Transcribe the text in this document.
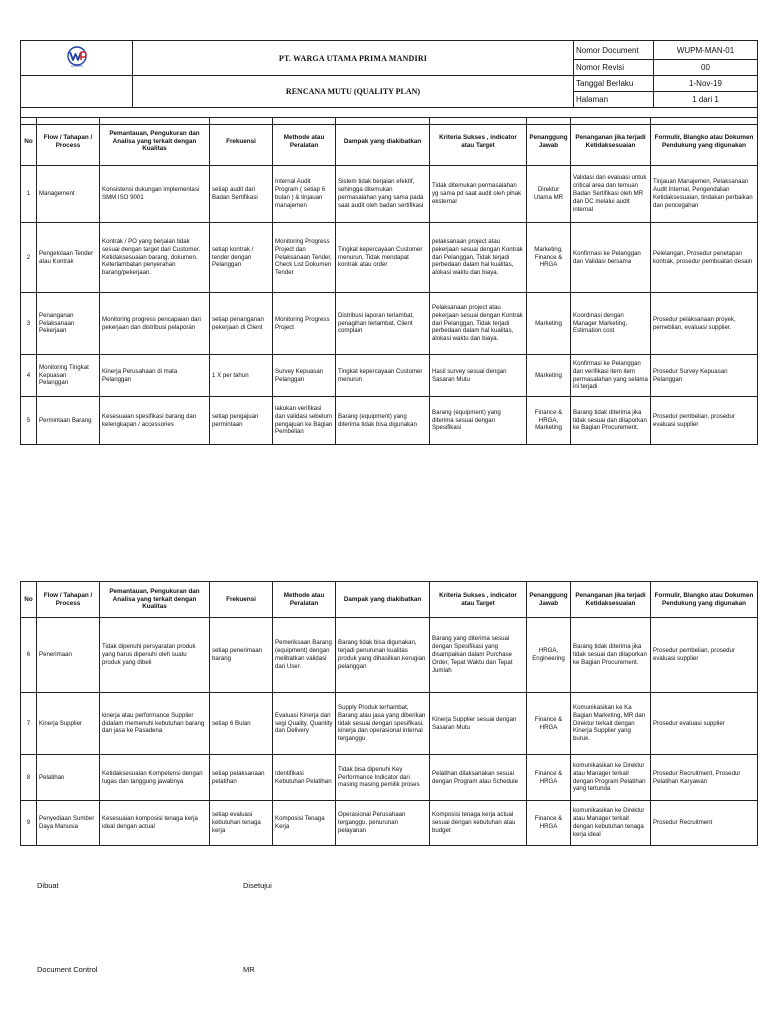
	PT. WARGA UTAMA PRIMA MANDIRI	Nomor Document	WUPM-MAN-01
		Nomor Revisi	00
	RENCANA MUTU (QUALITY PLAN)	Tanggal Berlaku	1-Nov-19
		Halaman	1 dari 1

No	Flow / Tahapan / Process	Pemantauan, Pengukuran dan Analisa yang terkait dengan Kualitas	Frekuensi	Methode atau Peralatan	Dampak yang diakibatkan	Kriteria Sukses , indicator atau Target	Penanggung Jawab	Penanganan jika terjadi Ketidaksesuaian	Formulir, Blangko atau Dokumen Pendukung yang digunakan
1	Management	Konsistensi dukungan implementasi SMM ISO 9001	setiap audit dari Badan Sertifikasi	Internal Audit Program ( setiap 6 bulan ) & tinjauan manajemen	Sistem tidak berjalan efektif, sehingga ditemukan permasalahan yang sama pada saat audit oleh badan sertifikasi	Tidak ditemukan permasalahan yg sama pd saat audit oleh pihak eksternal	Direktur Utama MR	Validasi dan evaluasi untuk critical area dan temuan Badan Sertifikasi oleh MR dan DC melalui audit internal	Tinjauan Manajemen, Pelaksanaan Audit Internal, Pengendalian Ketidaksesuaian, tindakan perbaikan dan pencegahan
2	Pengelolaan Tender atau Kontrak	Kontrak / PO yang berjalan tidak sesuai dengan target dari Customer. Ketidaksesuaian barang, dokumen. Keterlambatan penyerahan barang/pekerjaan.	setiap kontrak / tender dengan Pelanggan	Monitoring Progress Project dan Pelaksanaan Tender, Check List Dokumen Tender	Tingkat kepercayaan Customer menurun, Tidak mendapat kontrak atau order	pelaksanaan project atau pekerjaan sesuai dengan Kontrak dari Pelanggan, Tidak terjadi perbedaan dalam hal kualitas, alokasi waktu dan biaya.	Marketing, Finance & HRGA	Konfirmasi ke Pelanggan dan Validasi bersama	Pelelangan, Prosedur penetapan kontrak, prosedur pembuatan desain
3	Penanganan Pelaksanaan Pekerjaan	Monitoring progress pencapaian dari pekerjaan dan distribusi pelaporan	setiap penanganan pekerjaan di Client	Monitoring Progress Project	Distribusi laporan terlambat, penagihan terlambat, Client complain	Pelaksanaan project atau pekerjaan sesuai dengan Kontrak dari Pelanggan, Tidak terjadi perbedaan dalam hal kualitas, alokasi waktu dan biaya.	Marketing	Koordinasi dengan Manager Marketing, Estimation cost	Prosedur pelaksanaan proyek, pemeblian, evaluasi supplier.
4	Monitoring Tingkat Kepuasan Pelanggan	Kinerja Perusahaan di mata Pelanggan	1 X per tahun	Survey Kepuasan Pelanggan	Tingkat kepercayaan Customer menurun	Hasil survey sesuai dengan Sasaran Mutu	Marketing	Konfirmasi ke Pelanggan dan verifikasi item item permasalahan yang selama ini terjadi	Prosedur Survey Kepuasan Pelanggan
5	Permintaan Barang	Kesesuaian spesifikasi barang dan kelengkapan / accessories	setiap pengajuan permintaan	lakukan verifikasi dan validasi sebelum pengajuan ke Bagian Pembelian	Barang (equipment) yang diterima tidak bisa digunakan	Barang (equipment) yang diterima sesuai dengan Spesifikasi	Finance & HRGA, Marketing	Barang tidak diterima jika tidak sesuai dan dilaporkan ke Bagian Procurement.	Prosedur pembelian, prosedur evaluasi supplier
No	Flow / Tahapan / Process	Pemantauan, Pengukuran dan Analisa yang terkait dengan Kualitas	Frekuensi	Methode atau Peralatan	Dampak yang diakibatkan	Kriteria Sukses , indicator atau Target	Penanggung Jawab	Penanganan jika terjadi Ketidaksesuaian	Formulir, Blangko atau Dokumen Pendukung yang digunakan
6	Penerimaan	Tidak dipenuhi persyaratan produk yang harus dipenuhi oleh suatu produk yang dibeli	setiap penerimaan barang	Pemeriksaan Barang (equipment) dengan melibatkan validasi dari User.	Barang tidak bisa digunakan, terjadi penurunan kualitas produk yang dihasilkan,kerugian pelanggan	Barang yang diterima sesuai dengan Spesifikasi yang disampaikan dalam Purchase Order, Tepat Waktu dan Tepat Jumlah	HRGA, Engineering	Barang tidak diterima jika tidak sesuai dan dilaporkan ke Bagian Procurement.	Prosedur pembelian, prosedur evaluasi supplier
7	Kinerja Supplier	kinerja atau performance Supplier didalam memenuhi kebutuhan barang dan jasa ke Pasadena	setiap 6 Bulan	Evaluasi Kinerja dari segi Quality, Quantity dan Delivery	Supply Produk terhambat, Barang atau jasa yang diberikan tidak sesuai dengan spesifikasi, kinerja dan operasional internal terganggu	Kinerja Supplier sesuai dengan Sasaran Mutu	Finance & HRGA	Komunikasikan ke Ka Bagian Marketing, MR dan Direktur terkait dengan Kinerja Supplier yang buruk.	Prosedur evaluasi supplier
8	Pelatihan	Ketidaksesuaian Kompetensi dengan tugas dan tanggung jawabnya	setiap pelaksanaan pelatihan	Identifikasi Kebutuhan Pelatihan	Tidak bisa dipenuhi Key Performance Indicator dari masing masing pemilik proses	Pelatihan dilaksanakan sesuai dengan Program atau Schedule	Finance & HRGA	komunikasikan ke Direktur atau Manager terkait dengan Program Pelatihan yang tertunda	Prosedur Recruitment, Prosedur Pelatihan Karyawan
9	Penyediaan Sumber Daya Manusia	Kesesuaian komposisi tenaga kerja ideal dengan actual	setiap evaluasi kebutuhan tenaga kerja	Komposisi Tenaga Kerja	Operasional Perusahaan terganggu, penurunan pelayanan	Komposisi tenaga kerja actual sesuai dengan kebutuhan atau budget	Finance & HRGA	komunikasikan ke Direktur atau Manager terkait dengan kebutuhan tenaga kerja ideal	Prosedur Recruitment
Dibuat	Disetujui
Document Control	MR
